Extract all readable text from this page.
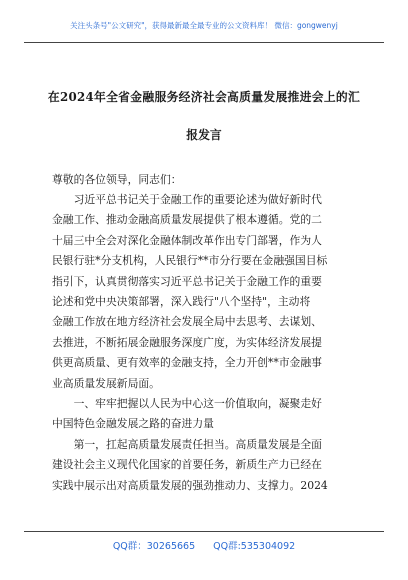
关注头条号"公文研究"，获得最新最全最专业的公文资料库！ 微信：gongwenyj
在2024年全省金融服务经济社会高质量发展推进会上的汇
报发言

尊敬的各位领导，同志们：

　　习近平总书记关于金融工作的重要论述为做好新时代

金融工作、推动金融高质量发展提供了根本遵循。党的二

十届三中全会对深化金融体制改革作出专门部署，作为人

民银行驻*分支机构，人民银行**市分行要在金融强国目标

指引下，认真贯彻落实习近平总书记关于金融工作的重要

论述和党中央决策部署，深入践行"八个坚持"，主动将

金融工作放在地方经济社会发展全局中去思考、去谋划、

去推进，不断拓展金融服务深度广度，为实体经济发展提

供更高质量、更有效率的金融支持，全力开创**市金融事

业高质量发展新局面。

　　一、牢牢把握以人民为中心这一价值取向，凝聚走好

中国特色金融发展之路的奋进力量

　　第一，扛起高质量发展责任担当。高质量发展是全面

建设社会主义现代化国家的首要任务，新质生产力已经在

实践中展示出对高质量发展的强劲推动力、支撑力。2024

QQ群：30265665 QQ群:535304092
